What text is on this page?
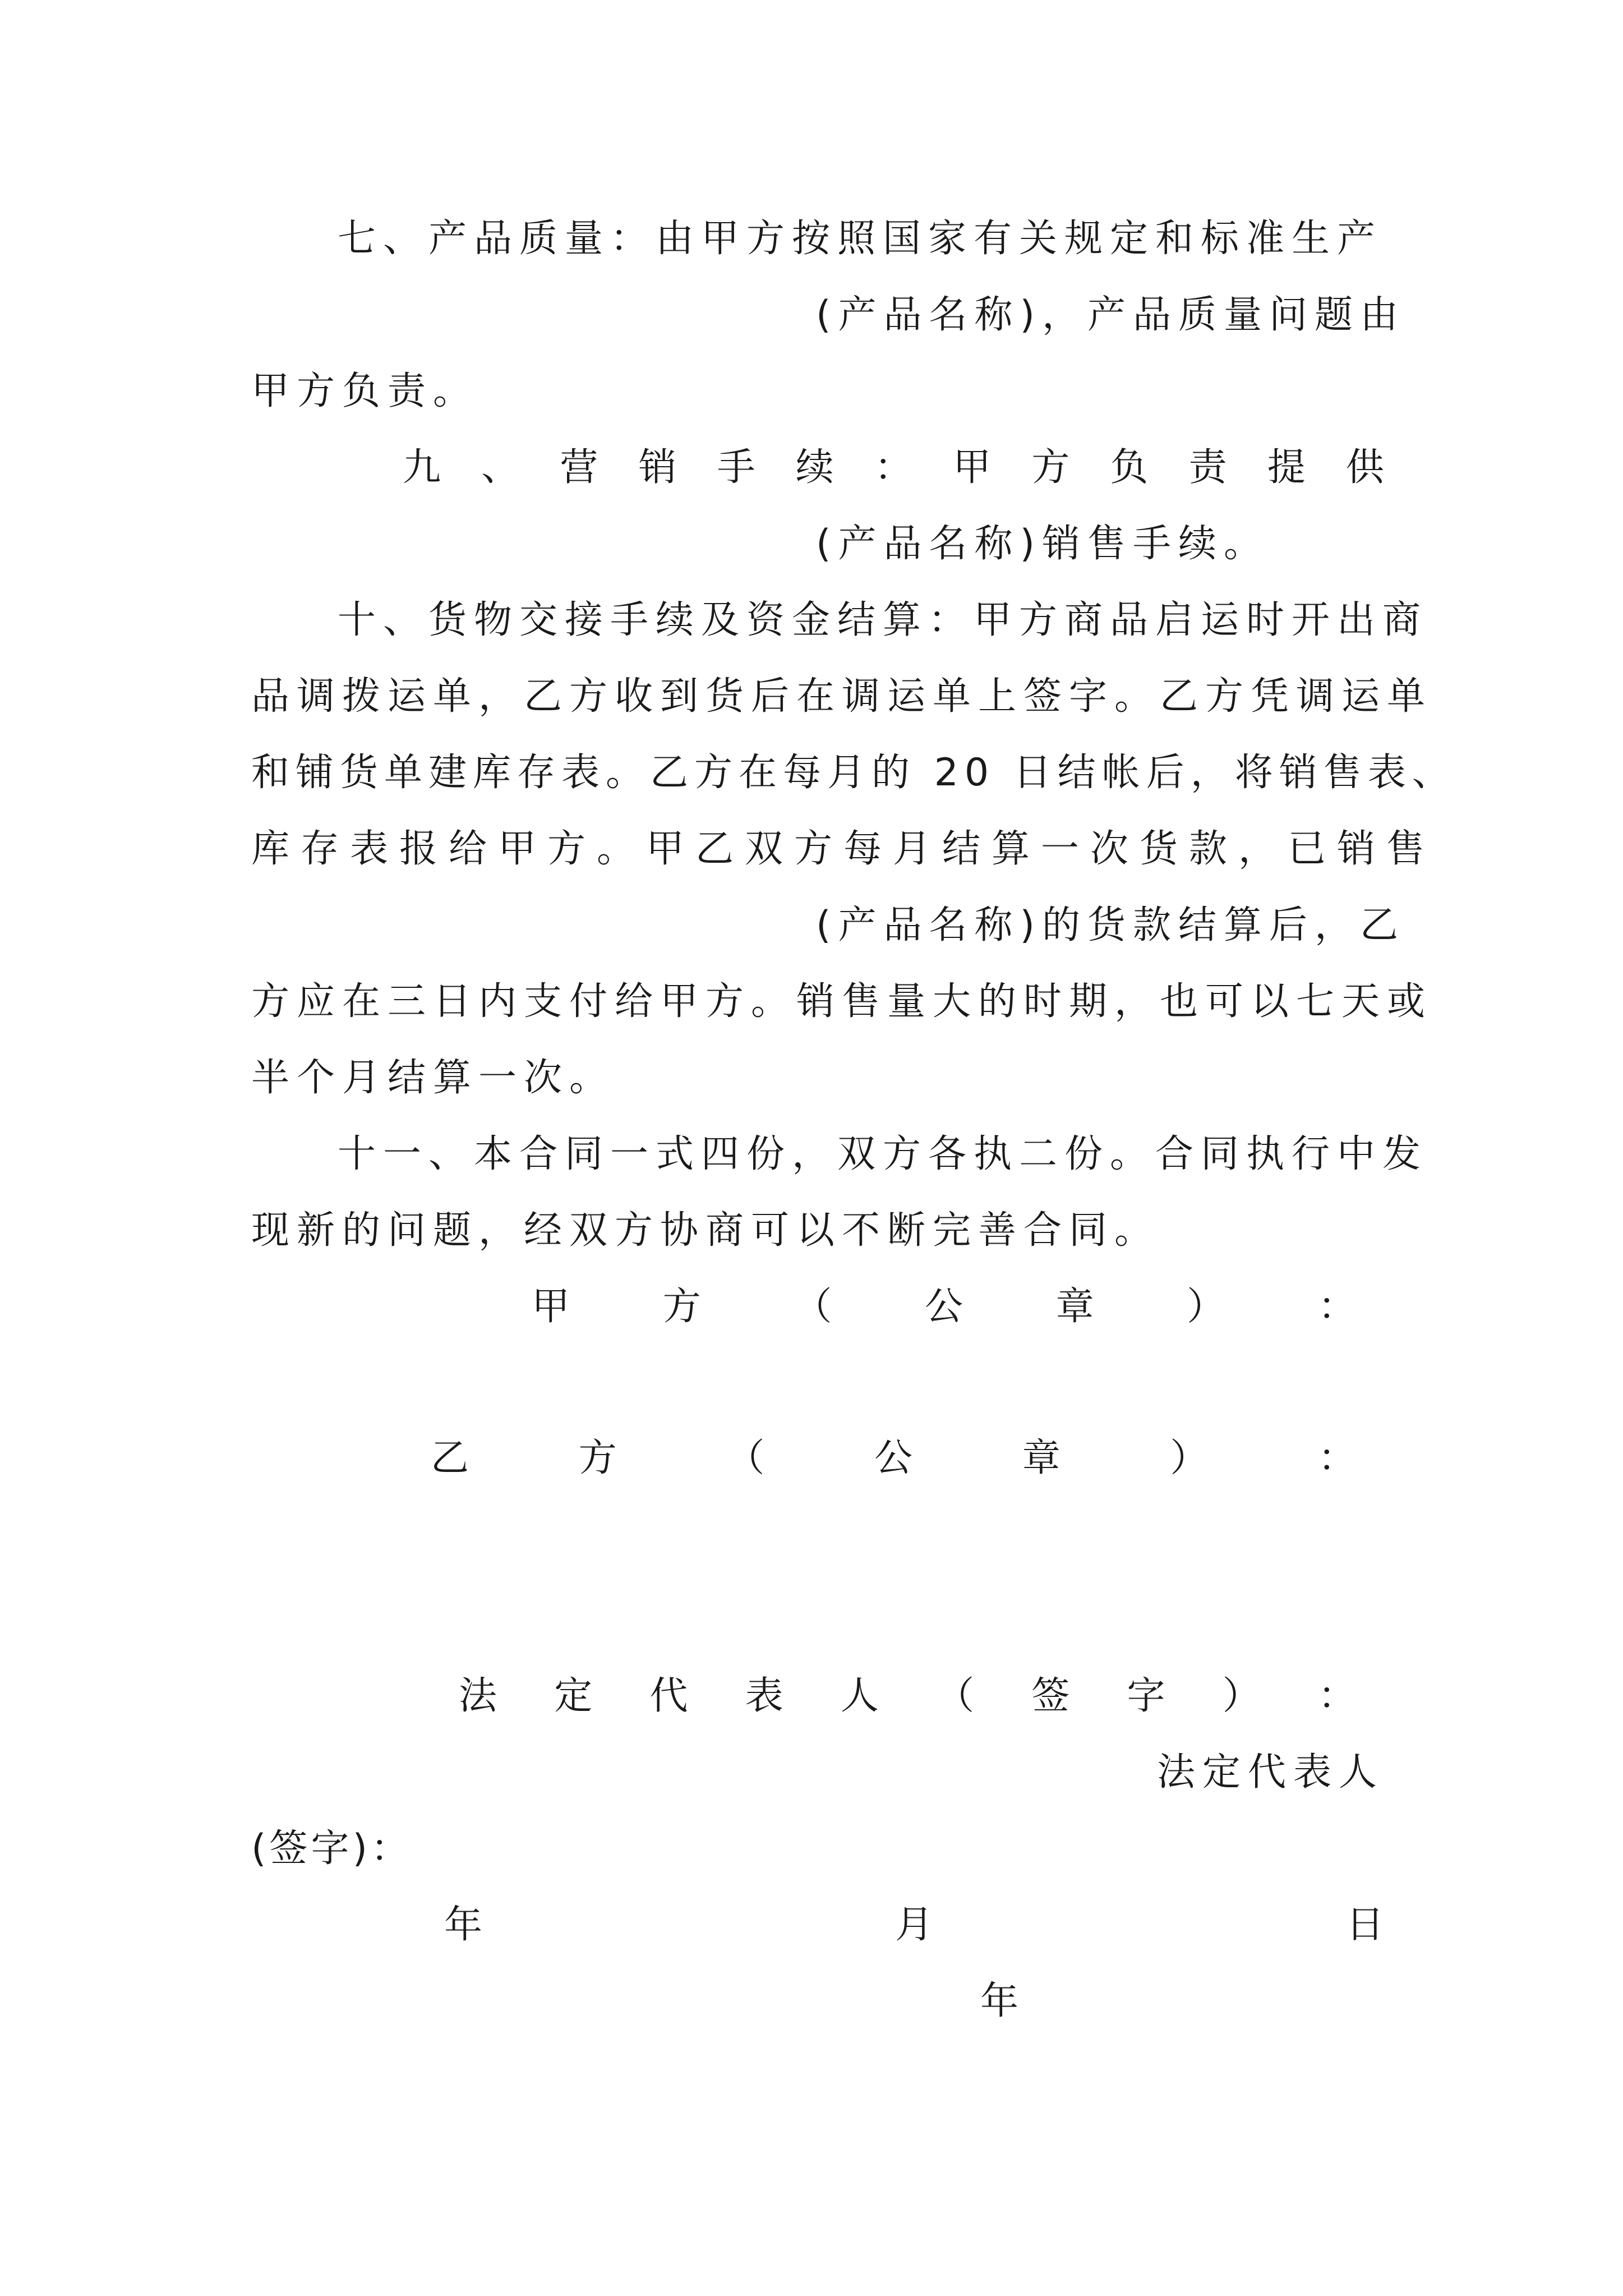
七、产品质量：由甲方按照国家有关规定和标准生产
(产品名称)，产品质量问题由
甲方负责。
九 、 营 销 手 续 ： 甲 方 负 责 提 供
(产品名称)销售手续。
十、货物交接手续及资金结算：甲方商品启运时开出商
品调拨运单，乙方收到货后在调运单上签字。乙方凭调运单
和铺货单建库存表。乙方在每月的 20 日结帐后，将销售表、
库存表报给甲方。甲乙双方每月结算一次货款，已销售
(产品名称)的货款结算后，乙
方应在三日内支付给甲方。销售量大的时期，也可以七天或
半个月结算一次。
十一、本合同一式四份，双方各执二份。合同执行中发
现新的问题，经双方协商可以不断完善合同。
甲 方 （ 公 章 ） ：
乙	方	（	公	章	）	：
法 定 代 表 人 （ 签 字 ） ：
法定代表人
(签字)：
年	月	日
年
